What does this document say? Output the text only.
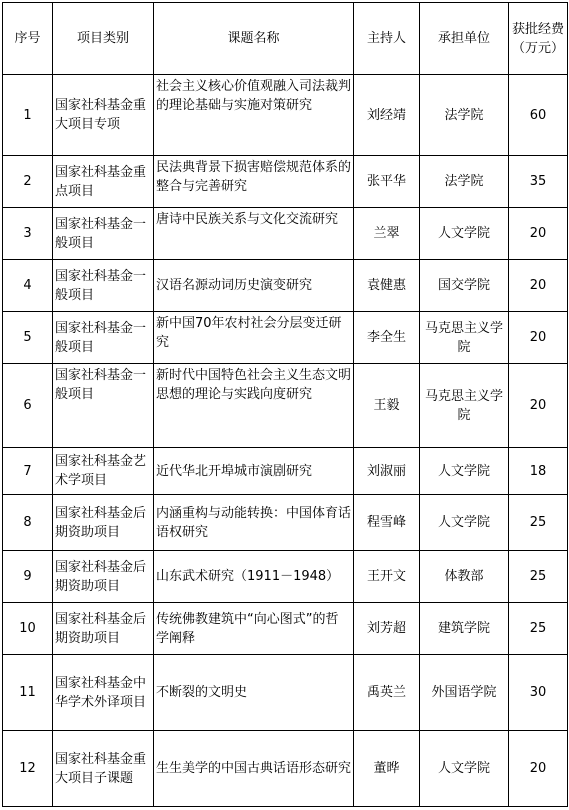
序号	项目类别	课题名称	主持人	承担单位	获批经费（万元）
1	国家社科基金重大项目专项	社会主义核心价值观融入司法裁判的理论基础与实施对策研究	刘经靖	法学院	60
2	国家社科基金重点项目	民法典背景下损害赔偿规范体系的整合与完善研究	张平华	法学院	35
3	国家社科基金一般项目	唐诗中民族关系与文化交流研究	兰翠	人文学院	20
4	国家社科基金一般项目	汉语名源动词历史演变研究	袁健惠	国交学院	20
5	国家社科基金一般项目	新中国70年农村社会分层变迁研究	李全生	马克思主义学院	20
6	国家社科基金一般项目	新时代中国特色社会主义生态文明思想的理论与实践向度研究	王毅	马克思主义学院	20
7	国家社科基金艺术学项目	近代华北开埠城市演剧研究	刘淑丽	人文学院	18
8	国家社科基金后期资助项目	内涵重构与动能转换：中国体育话语权研究	程雪峰	人文学院	25
9	国家社科基金后期资助项目	山东武术研究（1911－1948）	王开文	体教部	25
10	国家社科基金后期资助项目	传统佛教建筑中“向心图式”的哲学阐释	刘芳超	建筑学院	25
11	国家社科基金中华学术外译项目	不断裂的文明史	禹英兰	外国语学院	30
12	国家社科基金重大项目子课题	生生美学的中国古典话语形态研究	董晔	人文学院	20
